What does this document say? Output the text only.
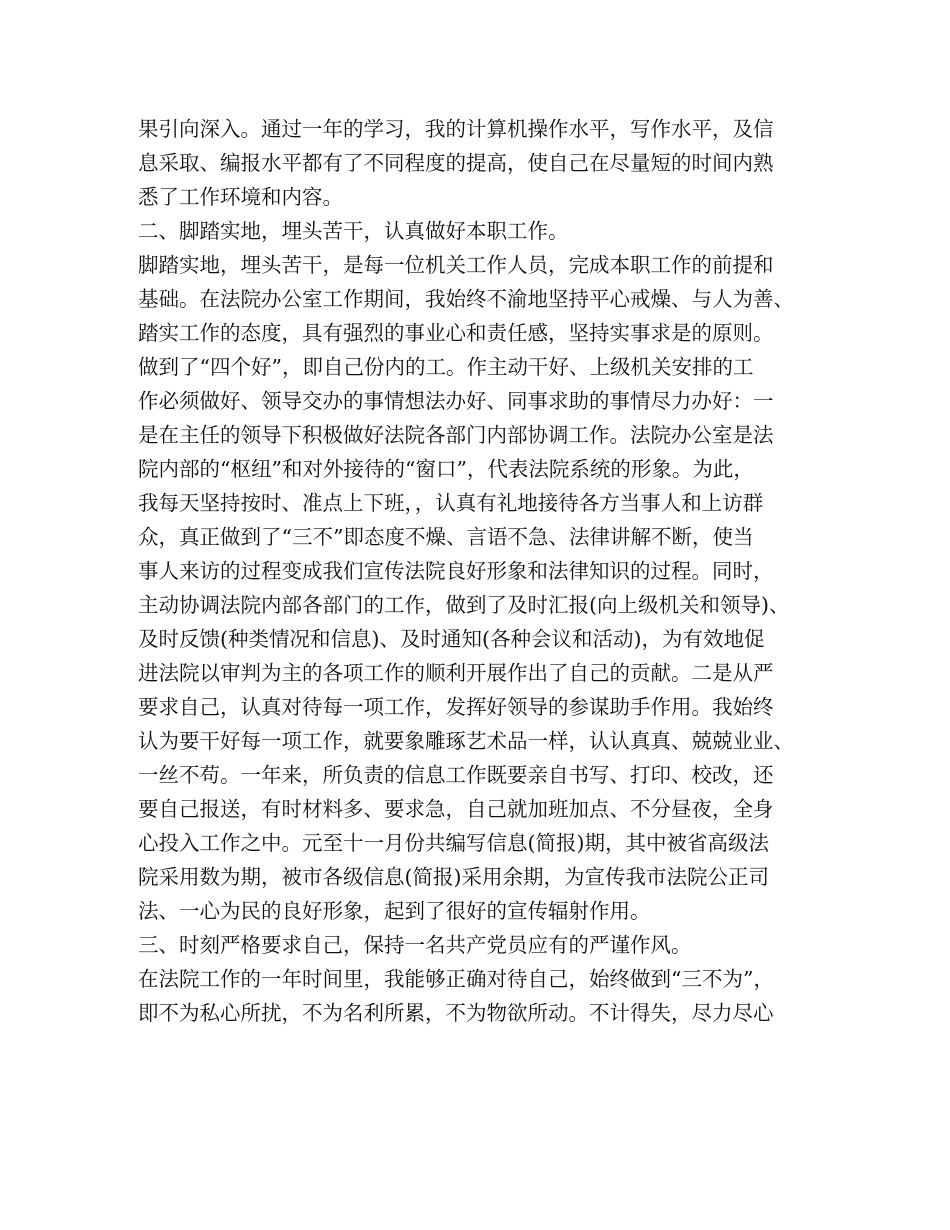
果引向深入。通过一年的学习，我的计算机操作水平，写作水平，及信
息采取、编报水平都有了不同程度的提高，使自己在尽量短的时间内熟
悉了工作环境和内容。
二、脚踏实地，埋头苦干，认真做好本职工作。
脚踏实地，埋头苦干，是每一位机关工作人员，完成本职工作的前提和
基础。在法院办公室工作期间，我始终不渝地坚持平心戒燥、与人为善、
踏实工作的态度，具有强烈的事业心和责任感，坚持实事求是的原则。
做到了“四个好”，即自己份内的工。作主动干好、上级机关安排的工
作必须做好、领导交办的事情想法办好、同事求助的事情尽力办好：一
是在主任的领导下积极做好法院各部门内部协调工作。法院办公室是法
院内部的“枢纽”和对外接待的“窗口”，代表法院系统的形象。为此，
我每天坚持按时、准点上下班，，认真有礼地接待各方当事人和上访群
众，真正做到了“三不”即态度不燥、言语不急、法律讲解不断，使当
事人来访的过程变成我们宣传法院良好形象和法律知识的过程。同时，
主动协调法院内部各部门的工作，做到了及时汇报(向上级机关和领导)、
及时反馈(种类情况和信息)、及时通知(各种会议和活动)，为有效地促
进法院以审判为主的各项工作的顺利开展作出了自己的贡献。二是从严
要求自己，认真对待每一项工作，发挥好领导的参谋助手作用。我始终
认为要干好每一项工作，就要象雕琢艺术品一样，认认真真、兢兢业业、
一丝不苟。一年来，所负责的信息工作既要亲自书写、打印、校改，还
要自己报送，有时材料多、要求急，自己就加班加点、不分昼夜，全身
心投入工作之中。元至十一月份共编写信息(简报)期，其中被省高级法
院采用数为期，被市各级信息(简报)采用余期，为宣传我市法院公正司
法、一心为民的良好形象，起到了很好的宣传辐射作用。
三、时刻严格要求自己，保持一名共产党员应有的严谨作风。
在法院工作的一年时间里，我能够正确对待自己，始终做到“三不为”，
即不为私心所扰，不为名利所累，不为物欲所动。不计得失，尽力尽心
